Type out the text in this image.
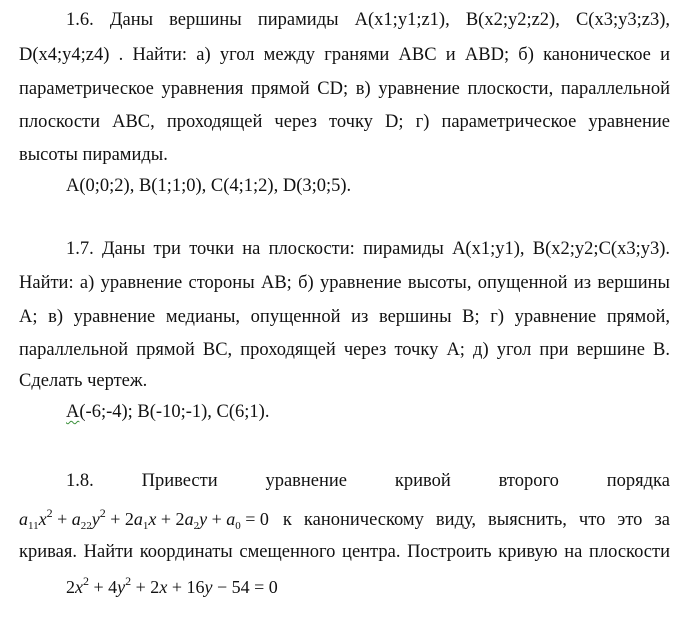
1.6. Даны вершины пирамиды A(x1;y1;z1), B(x2;y2;z2), C(x3;y3;z3),
D(x4;y4;z4) . Найти: а) угол между гранями ABC и ABD; б) каноническое и
параметрическое уравнения прямой CD; в) уравнение плоскости, параллельной
плоскости ABC, проходящей через точку D; г) параметрическое уравнение
высоты пирамиды.
A(0;0;2), B(1;1;0), C(4;1;2), D(3;0;5).
1.7. Даны три точки на плоскости: пирамиды A(x1;y1), B(x2;y2;C(x3;y3).
Найти: а) уравнение стороны AB; б) уравнение высоты, опущенной из вершины
A; в) уравнение медианы, опущенной из вершины B; г) уравнение прямой,
параллельной прямой BC, проходящей через точку A; д) угол при вершине B.
Сделать чертеж.
A(-6;-4); B(-10;-1), C(6;1).
1.8.	Привести	уравнение	кривой	второго	порядка
$a_{11}x^2 + a_{22}y^2 + 2a_1x + 2a_2y + a_0 = 0$ к каноническому виду, выяснить, что это за
кривая. Найти координаты смещенного центра. Построить кривую на плоскости
$2x^2 + 4y^2 + 2x + 16y - 54 = 0$
